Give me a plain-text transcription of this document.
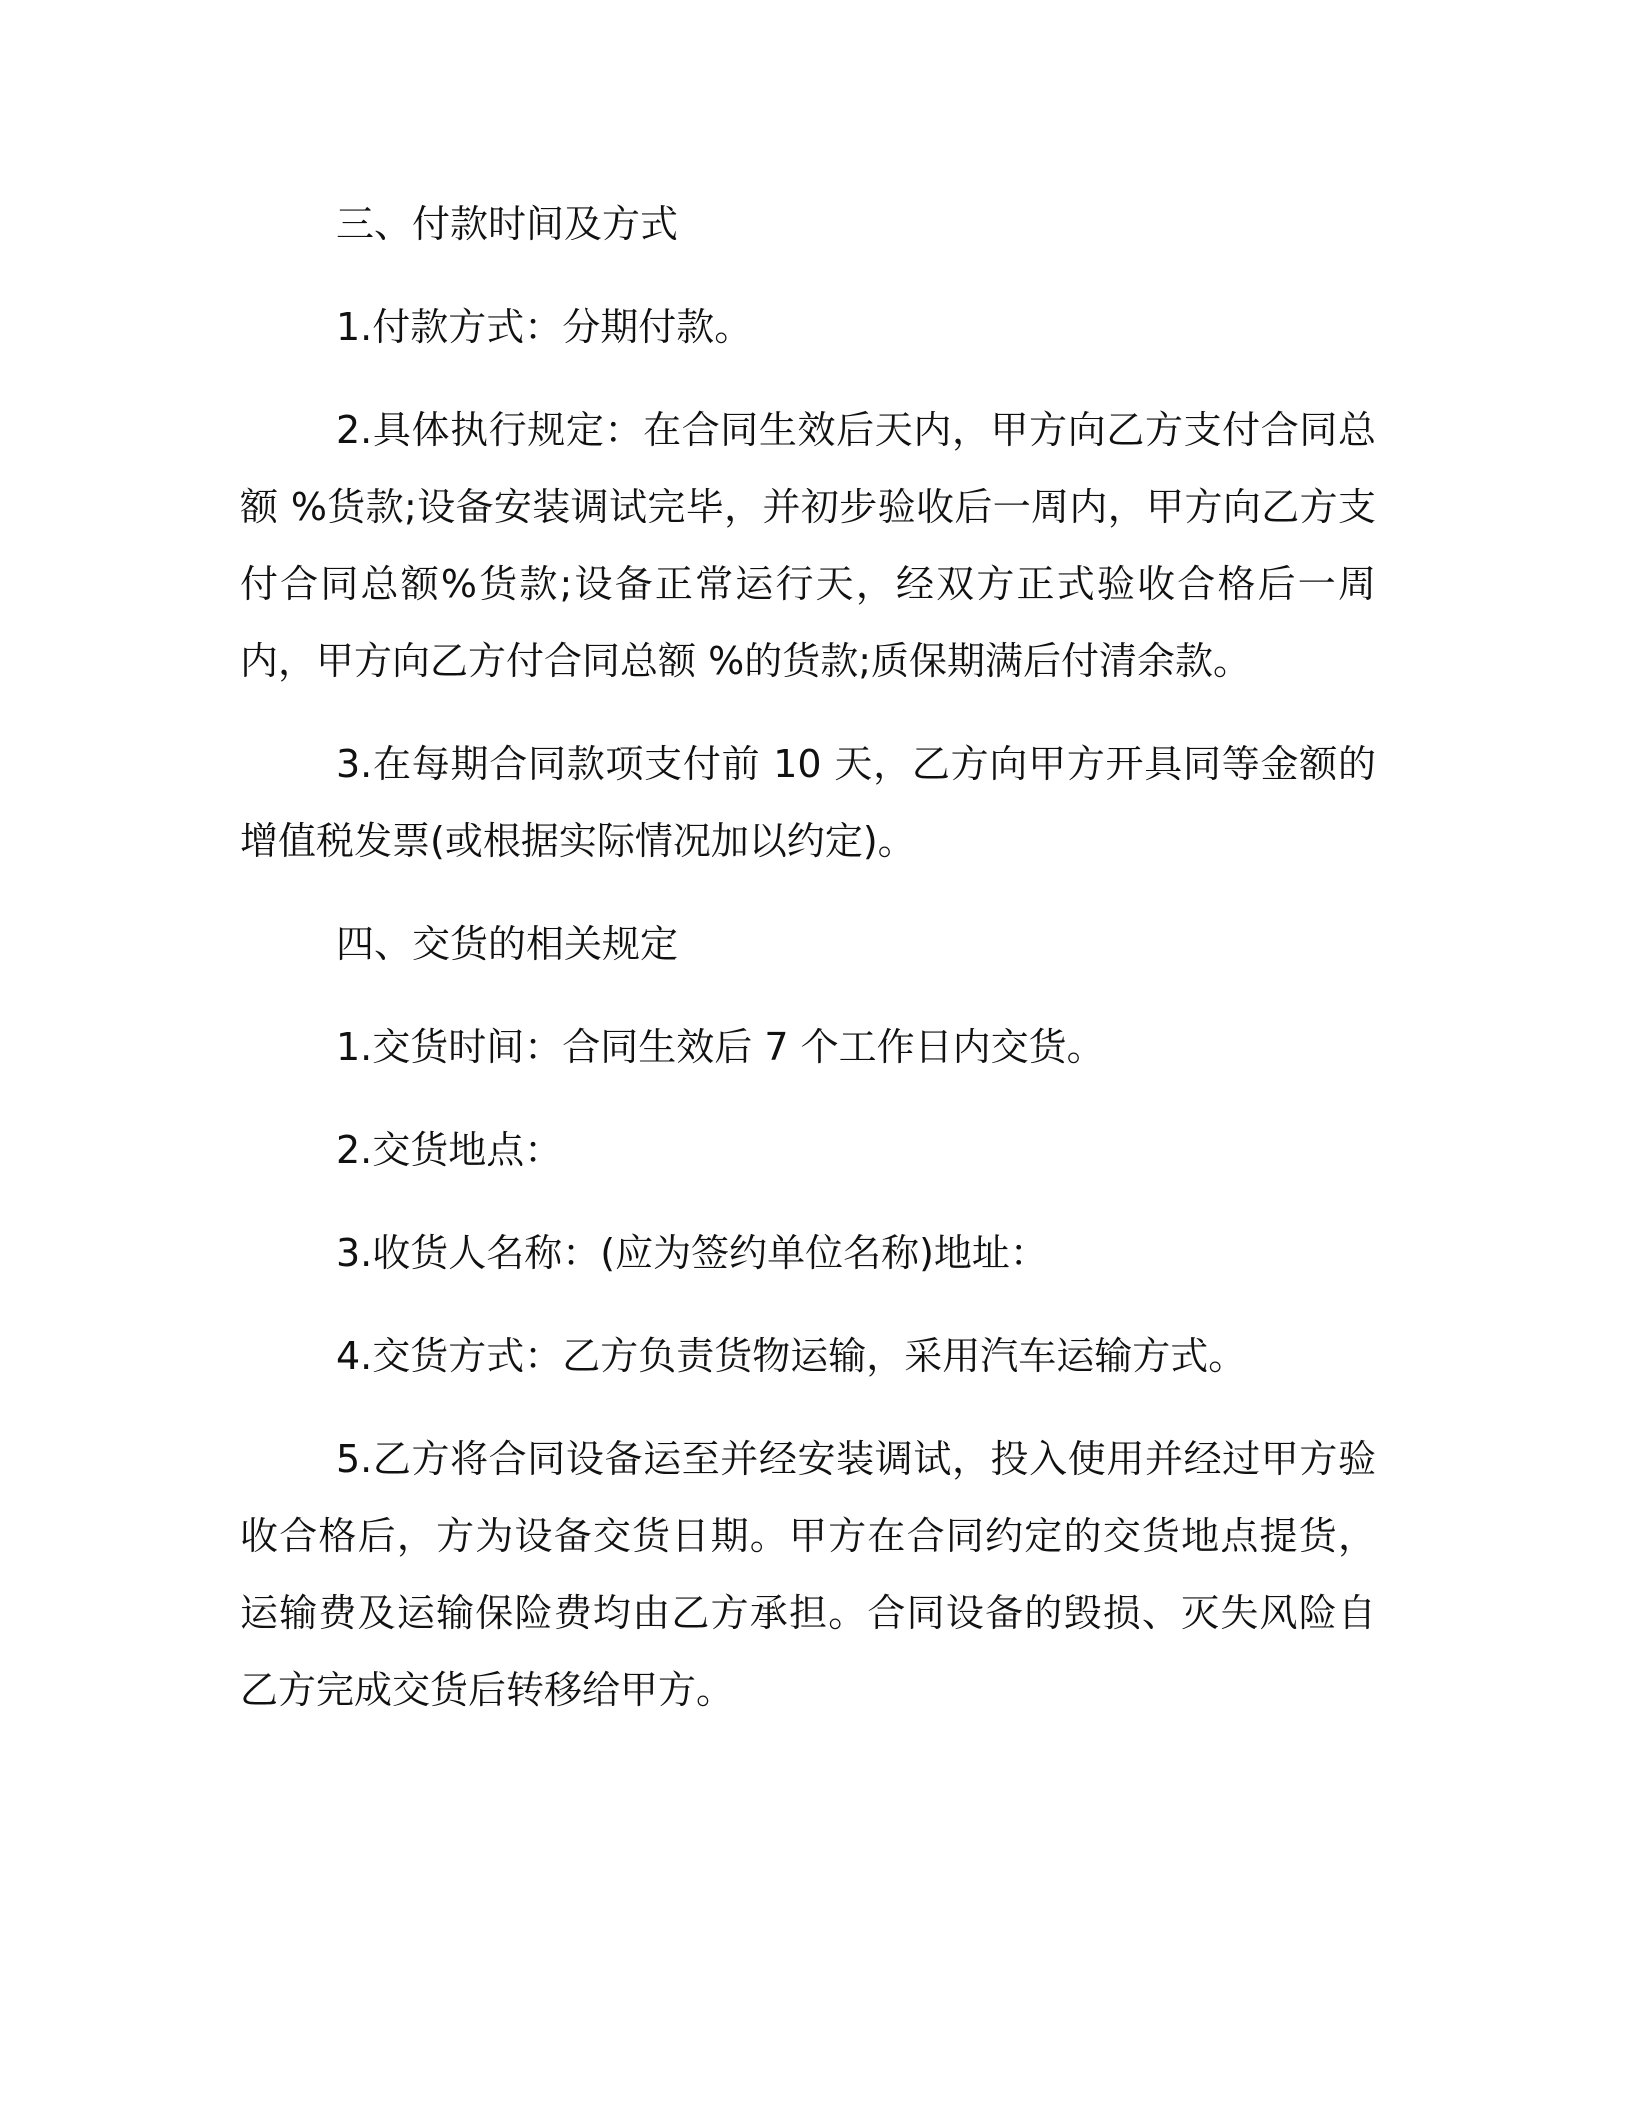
三、付款时间及方式

1.付款方式：分期付款。

2.具体执行规定：在合同生效后天内，甲方向乙方支付合同总额 %货款;设备安装调试完毕，并初步验收后一周内，甲方向乙方支付合同总额%货款;设备正常运行天，经双方正式验收合格后一周内，甲方向乙方付合同总额 %的货款;质保期满后付清余款。

3.在每期合同款项支付前 10 天，乙方向甲方开具同等金额的增值税发票(或根据实际情况加以约定)。

四、交货的相关规定

1.交货时间：合同生效后 7 个工作日内交货。

2.交货地点：

3.收货人名称：(应为签约单位名称)地址：

4.交货方式：乙方负责货物运输，采用汽车运输方式。

5.乙方将合同设备运至并经安装调试，投入使用并经过甲方验收合格后，方为设备交货日期。甲方在合同约定的交货地点提货，运输费及运输保险费均由乙方承担。合同设备的毁损、灭失风险自乙方完成交货后转移给甲方。
